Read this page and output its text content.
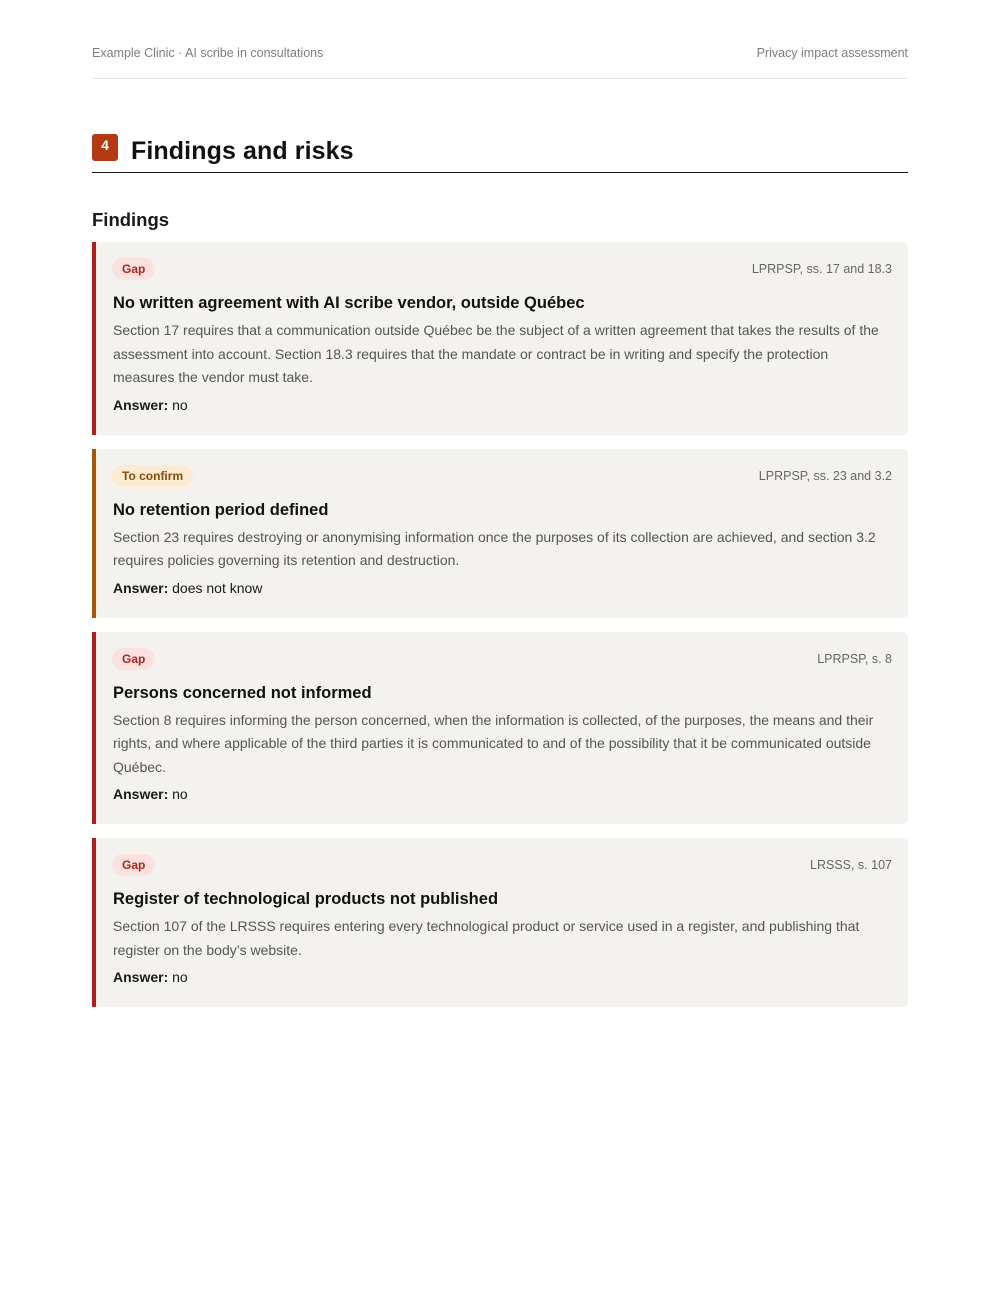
Example Clinic · AI scribe in consultations	Privacy impact assessment
4 Findings and risks
Findings
Gap	LPRPSP, ss. 17 and 18.3
No written agreement with AI scribe vendor, outside Québec
Section 17 requires that a communication outside Québec be the subject of a written agreement that takes the results of the assessment into account. Section 18.3 requires that the mandate or contract be in writing and specify the protection measures the vendor must take.
Answer: no
To confirm	LPRPSP, ss. 23 and 3.2
No retention period defined
Section 23 requires destroying or anonymising information once the purposes of its collection are achieved, and section 3.2 requires policies governing its retention and destruction.
Answer: does not know
Gap	LPRPSP, s. 8
Persons concerned not informed
Section 8 requires informing the person concerned, when the information is collected, of the purposes, the means and their rights, and where applicable of the third parties it is communicated to and of the possibility that it be communicated outside Québec.
Answer: no
Gap	LRSSS, s. 107
Register of technological products not published
Section 107 of the LRSSS requires entering every technological product or service used in a register, and publishing that register on the body’s website.
Answer: no
